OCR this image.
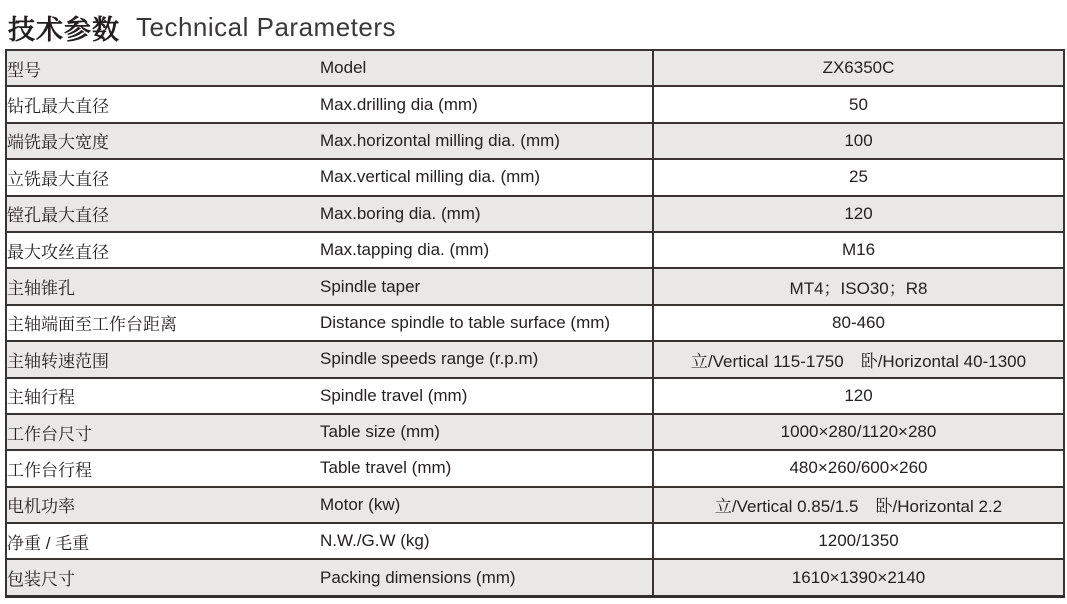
技术参数 Technical Parameters
型号	Model	ZX6350C
钻孔最大直径	Max.drilling dia (mm)	50
端铣最大宽度	Max.horizontal milling dia. (mm)	100
立铣最大直径	Max.vertical milling dia. (mm)	25
镗孔最大直径	Max.boring dia. (mm)	120
最大攻丝直径	Max.tapping dia. (mm)	M16
主轴锥孔	Spindle taper	MT4；ISO30；R8
主轴端面至工作台距离	Distance spindle to table surface (mm)	80-460
主轴转速范围	Spindle speeds range (r.p.m)	立/Vertical 115-1750　卧/Horizontal 40-1300
主轴行程	Spindle travel (mm)	120
工作台尺寸	Table size (mm)	1000×280/1120×280
工作台行程	Table travel (mm)	480×260/600×260
电机功率	Motor (kw)	立/Vertical 0.85/1.5　卧/Horizontal 2.2
净重 / 毛重	N.W./G.W (kg)	1200/1350
包装尺寸	Packing dimensions (mm)	1610×1390×2140
